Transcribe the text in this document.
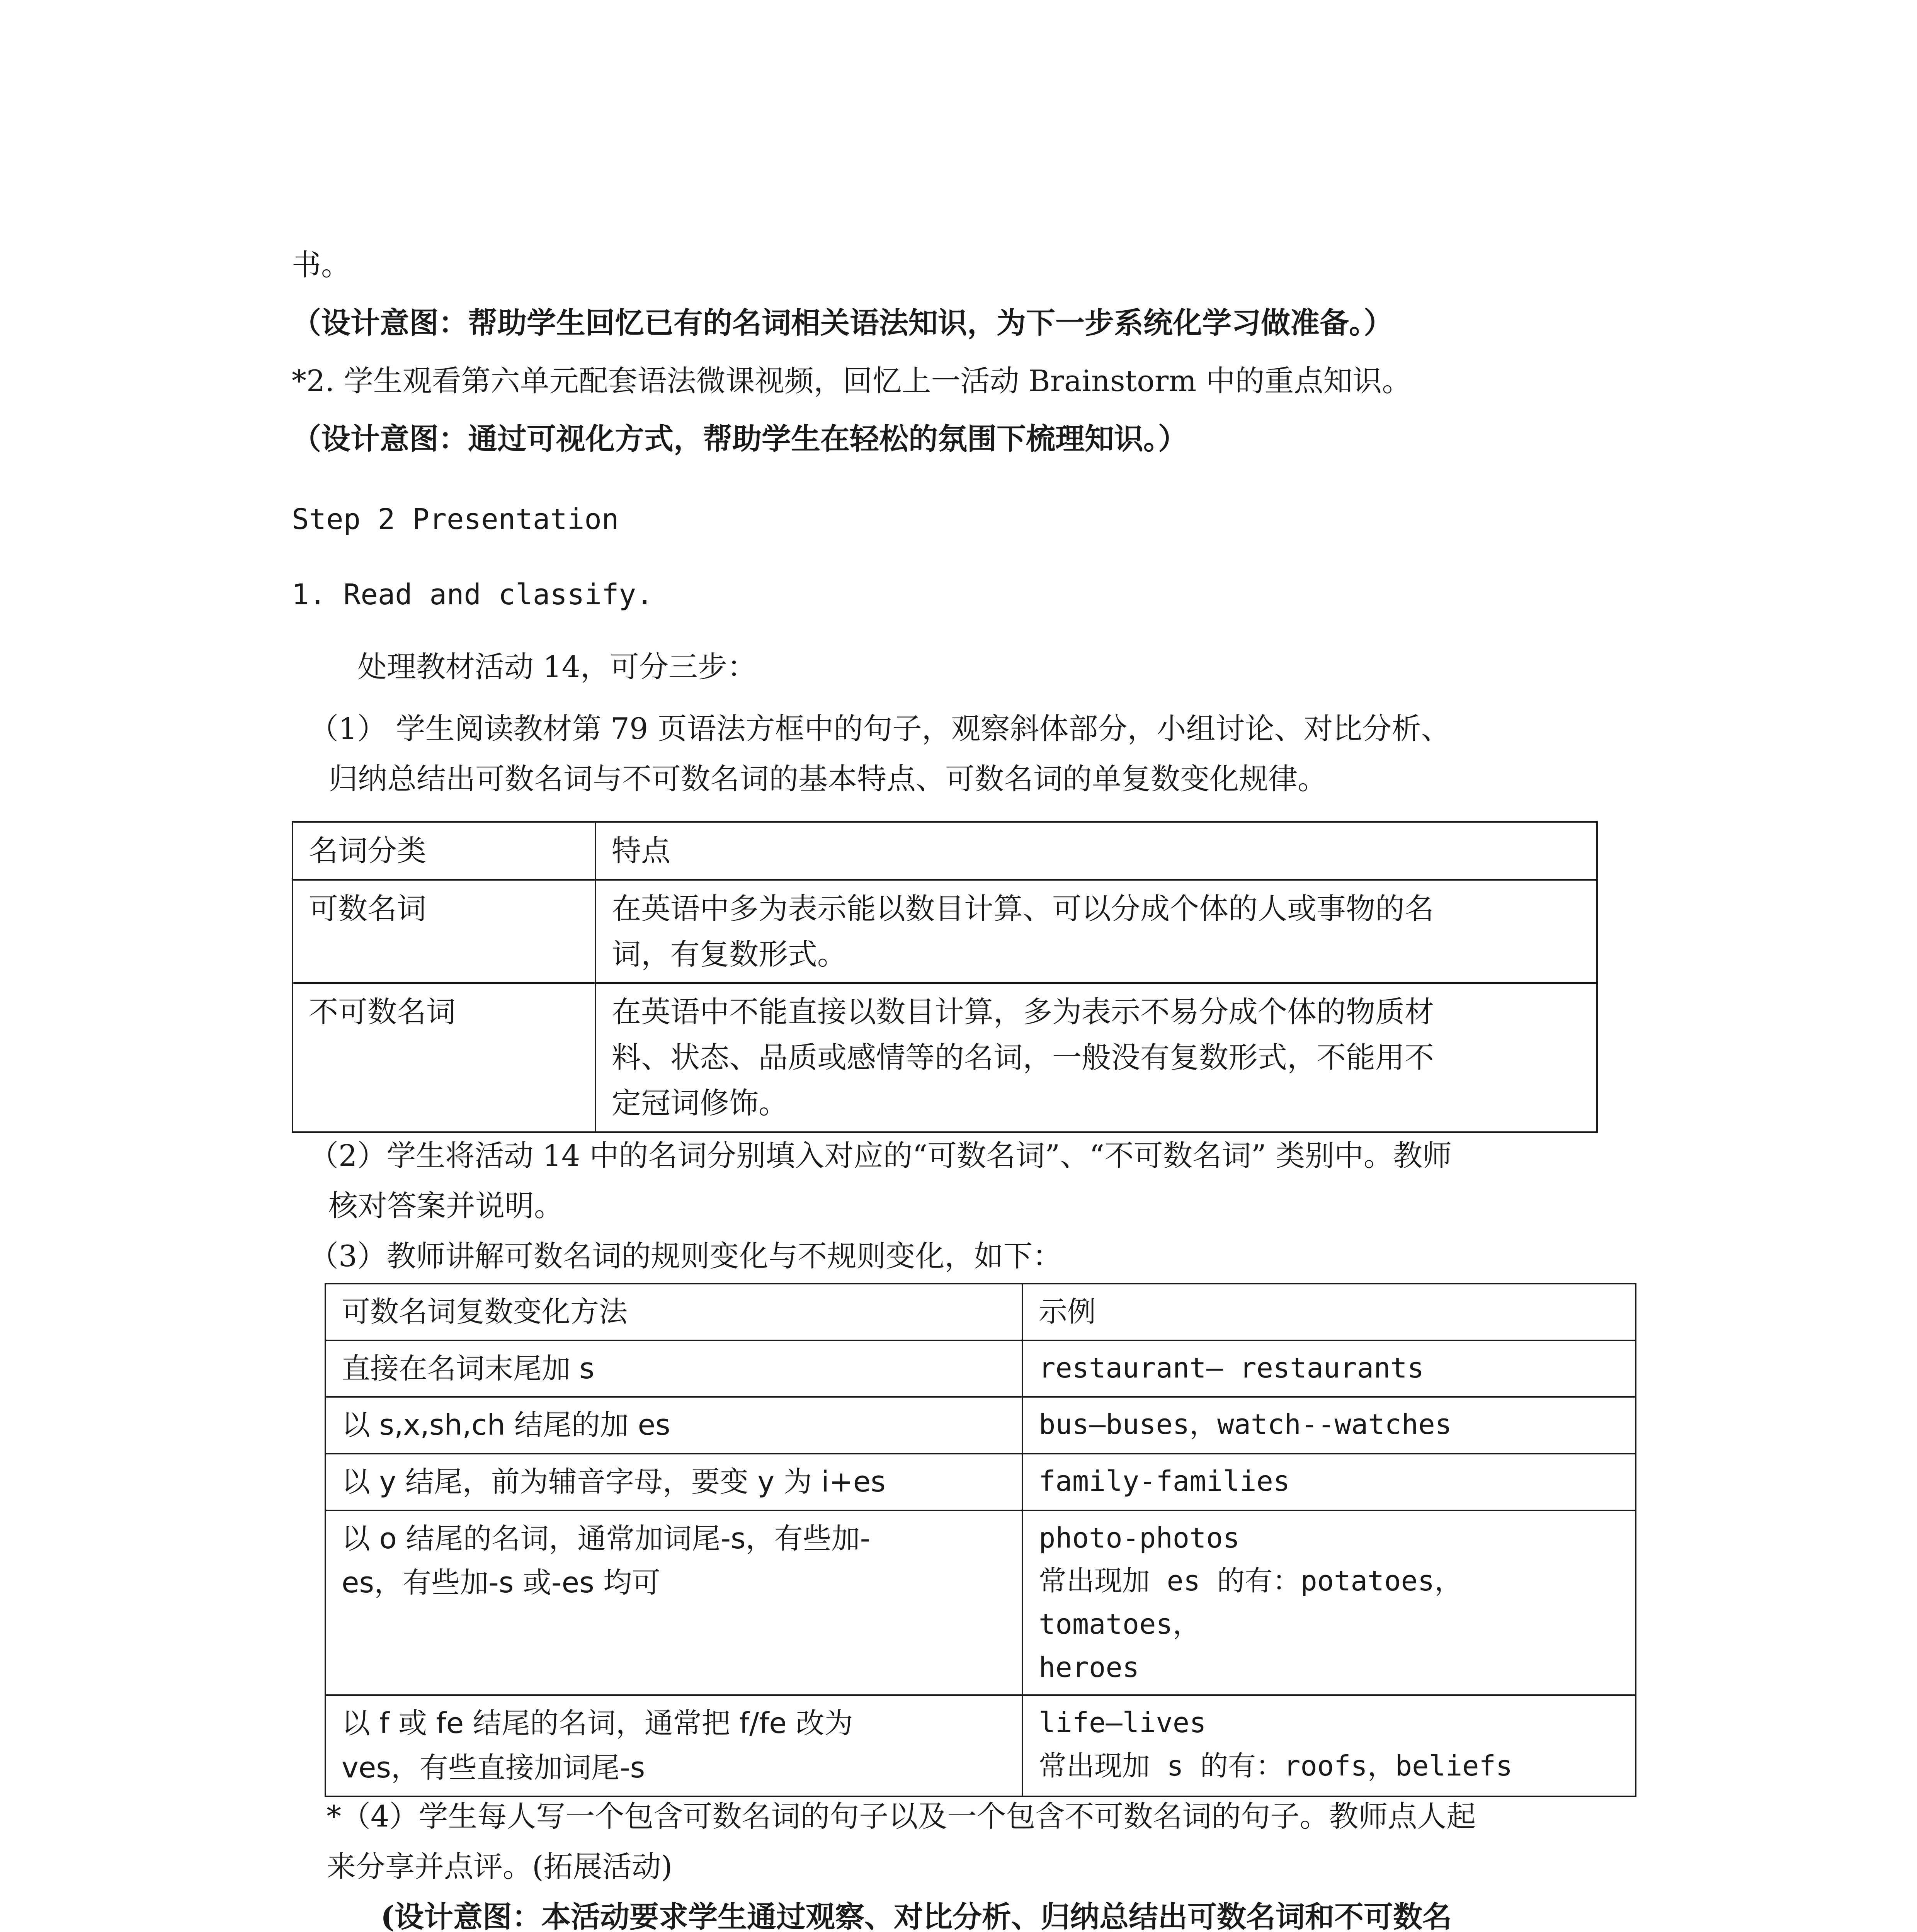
书。
（设计意图：帮助学生回忆已有的名词相关语法知识，为下一步系统化学习做准备。）
*2. 学生观看第六单元配套语法微课视频，回忆上一活动 Brainstorm 中的重点知识。
（设计意图：通过可视化方式，帮助学生在轻松的氛围下梳理知识。）
Step 2 Presentation
1. Read and classify.
处理教材活动 14，可分三步：
（1） 学生阅读教材第 79 页语法方框中的句子，观察斜体部分，小组讨论、对比分析、
归纳总结出可数名词与不可数名词的基本特点、可数名词的单复数变化规律。
名词分类	特点
可数名词	在英语中多为表示能以数目计算、可以分成个体的人或事物的名
词，有复数形式。

不可数名词	在英语中不能直接以数目计算，多为表示不易分成个体的物质材
料、状态、品质或感情等的名词，一般没有复数形式，不能用不
定冠词修饰。
（2）学生将活动 14 中的名词分别填入对应的“可数名词”、“不可数名词” 类别中。教师
核对答案并说明。
（3）教师讲解可数名词的规则变化与不规则变化，如下：
可数名词复数变化方法	示例

直接在名词末尾加 s	restaurant— restaurants

以 s,x,sh,ch 结尾的加 es	bus—buses，watch--watches

以 y 结尾，前为辅音字母，要变 y 为 i+es	family-families

以 o 结尾的名词，通常加词尾-s，有些加-
es，有些加-s 或-es 均可	photo-photos
常出现加 es 的有：potatoes，tomatoes，
heroes

以 f 或 fe 结尾的名词，通常把 f/fe 改为
ves，有些直接加词尾-s	life—lives
常出现加 s 的有：roofs，beliefs
*（4）学生每人写一个包含可数名词的句子以及一个包含不可数名词的句子。教师点人起
来分享并点评。(拓展活动)
(设计意图：本活动要求学生通过观察、对比分析、归纳总结出可数名词和不可数名
